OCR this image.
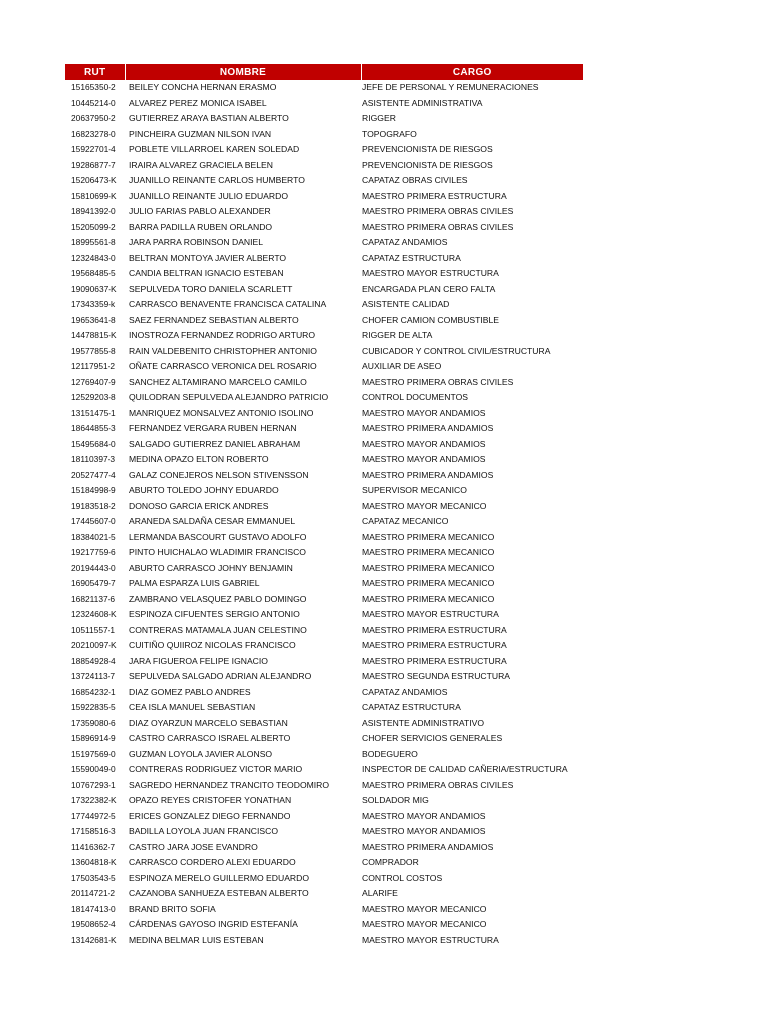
RUT	NOMBRE	CARGO
15165350-2	BEILEY CONCHA HERNAN ERASMO	JEFE DE PERSONAL Y REMUNERACIONES
10445214-0	ALVAREZ PEREZ MONICA ISABEL	ASISTENTE ADMINISTRATIVA
20637950-2	GUTIERREZ ARAYA BASTIAN ALBERTO	RIGGER
16823278-0	PINCHEIRA GUZMAN NILSON IVAN	TOPOGRAFO
15922701-4	POBLETE VILLARROEL KAREN SOLEDAD	PREVENCIONISTA DE RIESGOS
19286877-7	IRAIRA ALVAREZ GRACIELA BELEN	PREVENCIONISTA DE RIESGOS
15206473-K	JUANILLO REINANTE CARLOS HUMBERTO	CAPATAZ OBRAS CIVILES
15810699-K	JUANILLO REINANTE JULIO EDUARDO	MAESTRO PRIMERA ESTRUCTURA
18941392-0	JULIO FARIAS PABLO ALEXANDER	MAESTRO PRIMERA OBRAS CIVILES
15205099-2	BARRA PADILLA RUBEN ORLANDO	MAESTRO PRIMERA OBRAS CIVILES
18995561-8	JARA PARRA ROBINSON DANIEL	CAPATAZ ANDAMIOS
12324843-0	BELTRAN MONTOYA JAVIER ALBERTO	CAPATAZ ESTRUCTURA
19568485-5	CANDIA BELTRAN IGNACIO ESTEBAN	MAESTRO MAYOR ESTRUCTURA
19090637-K	SEPULVEDA TORO DANIELA SCARLETT	ENCARGADA PLAN CERO FALTA
17343359-k	CARRASCO BENAVENTE FRANCISCA CATALINA	ASISTENTE CALIDAD
19653641-8	SAEZ FERNANDEZ SEBASTIAN ALBERTO	CHOFER CAMION COMBUSTIBLE
14478815-K	INOSTROZA FERNANDEZ RODRIGO ARTURO	RIGGER DE ALTA
19577855-8	RAIN VALDEBENITO CHRISTOPHER ANTONIO	CUBICADOR Y CONTROL CIVIL/ESTRUCTURA
12117951-2	OÑATE CARRASCO VERONICA DEL ROSARIO	AUXILIAR DE ASEO
12769407-9	SANCHEZ ALTAMIRANO MARCELO CAMILO	MAESTRO PRIMERA OBRAS CIVILES
12529203-8	QUILODRAN SEPULVEDA ALEJANDRO PATRICIO	CONTROL DOCUMENTOS
13151475-1	MANRIQUEZ MONSALVEZ ANTONIO ISOLINO	MAESTRO MAYOR ANDAMIOS
18644855-3	FERNANDEZ VERGARA RUBEN HERNAN	MAESTRO PRIMERA ANDAMIOS
15495684-0	SALGADO GUTIERREZ DANIEL ABRAHAM	MAESTRO MAYOR ANDAMIOS
18110397-3	MEDINA OPAZO ELTON ROBERTO	MAESTRO MAYOR ANDAMIOS
20527477-4	GALAZ CONEJEROS NELSON STIVENSSON	MAESTRO PRIMERA ANDAMIOS
15184998-9	ABURTO TOLEDO JOHNY EDUARDO	SUPERVISOR MECANICO
19183518-2	DONOSO GARCIA ERICK ANDRES	MAESTRO MAYOR MECANICO
17445607-0	ARANEDA SALDAÑA CESAR EMMANUEL	CAPATAZ MECANICO
18384021-5	LERMANDA BASCOURT GUSTAVO ADOLFO	MAESTRO PRIMERA MECANICO
19217759-6	PINTO HUICHALAO WLADIMIR FRANCISCO	MAESTRO PRIMERA MECANICO
20194443-0	ABURTO CARRASCO JOHNY BENJAMIN	MAESTRO PRIMERA MECANICO
16905479-7	PALMA ESPARZA LUIS GABRIEL	MAESTRO PRIMERA MECANICO
16821137-6	ZAMBRANO VELASQUEZ PABLO DOMINGO	MAESTRO PRIMERA MECANICO
12324608-K	ESPINOZA CIFUENTES SERGIO ANTONIO	MAESTRO MAYOR ESTRUCTURA
10511557-1	CONTRERAS MATAMALA JUAN CELESTINO	MAESTRO PRIMERA ESTRUCTURA
20210097-K	CUITIÑO QUIIROZ NICOLAS FRANCISCO	MAESTRO PRIMERA ESTRUCTURA
18854928-4	JARA FIGUEROA FELIPE IGNACIO	MAESTRO PRIMERA ESTRUCTURA
13724113-7	SEPULVEDA SALGADO ADRIAN ALEJANDRO	MAESTRO SEGUNDA ESTRUCTURA
16854232-1	DIAZ GOMEZ PABLO ANDRES	CAPATAZ ANDAMIOS
15922835-5	CEA ISLA MANUEL SEBASTIAN	CAPATAZ ESTRUCTURA
17359080-6	DIAZ OYARZUN MARCELO SEBASTIAN	ASISTENTE ADMINISTRATIVO
15896914-9	CASTRO CARRASCO ISRAEL ALBERTO	CHOFER SERVICIOS GENERALES
15197569-0	GUZMAN LOYOLA JAVIER ALONSO	BODEGUERO
15590049-0	CONTRERAS RODRIGUEZ VICTOR MARIO	INSPECTOR DE CALIDAD CAÑERIA/ESTRUCTURA
10767293-1	SAGREDO HERNANDEZ TRANCITO TEODOMIRO	MAESTRO PRIMERA OBRAS CIVILES
17322382-K	OPAZO REYES CRISTOFER YONATHAN	SOLDADOR MIG
17744972-5	ERICES GONZALEZ DIEGO FERNANDO	MAESTRO MAYOR ANDAMIOS
17158516-3	BADILLA LOYOLA JUAN FRANCISCO	MAESTRO MAYOR ANDAMIOS
11416362-7	CASTRO JARA JOSE EVANDRO	MAESTRO PRIMERA ANDAMIOS
13604818-K	CARRASCO CORDERO ALEXI EDUARDO	COMPRADOR
17503543-5	ESPINOZA MERELO GUILLERMO EDUARDO	CONTROL COSTOS
20114721-2	CAZANOBA SANHUEZA ESTEBAN ALBERTO	ALARIFE
18147413-0	BRAND BRITO SOFIA	MAESTRO MAYOR MECANICO
19508652-4	CÁRDENAS GAYOSO INGRID ESTEFANÍA	MAESTRO MAYOR MECANICO
13142681-K	MEDINA BELMAR LUIS ESTEBAN	MAESTRO MAYOR ESTRUCTURA
